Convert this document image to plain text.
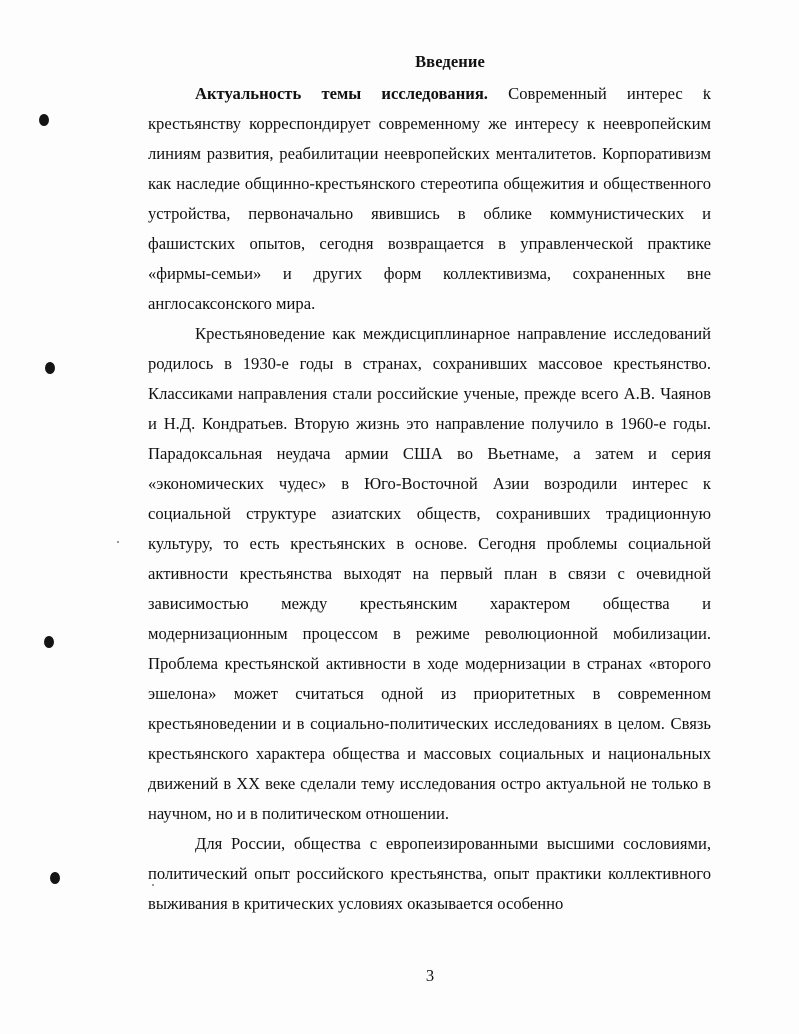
Введение

Актуальность темы исследования. Современный интерес к крестьянству корреспондирует современному же интересу к неевропейским линиям развития, реабилитации неевропейских менталитетов. Корпоративизм как наследие общинно-крестьянского стереотипа общежития и общественного устройства, первоначально явившись в облике коммунистических и фашистских опытов, сегодня возвращается в управленческой практике «фирмы-семьи» и других форм коллективизма, сохраненных вне англосаксонского мира.

Крестьяноведение как междисциплинарное направление исследований родилось в 1930-е годы в странах, сохранивших массовое крестьянство. Классиками направления стали российские ученые, прежде всего А.В. Чаянов и Н.Д. Кондратьев. Вторую жизнь это направление получило в 1960-е годы. Парадоксальная неудача армии США во Вьетнаме, а затем и серия «экономических чудес» в Юго-Восточной Азии возродили интерес к социальной структуре азиатских обществ, сохранивших традиционную культуру, то есть крестьянских в основе. Сегодня проблемы социальной активности крестьянства выходят на первый план в связи с очевидной зависимостью между крестьянским характером общества и модернизационным процессом в режиме революционной мобилизации. Проблема крестьянской активности в ходе модернизации в странах «второго эшелона» может считаться одной из приоритетных в современном крестьяноведении и в социально-политических исследованиях в целом. Связь крестьянского характера общества и массовых социальных и национальных движений в XX веке сделали тему исследования остро актуальной не только в научном, но и в политическом отношении.

Для России, общества с европеизированными высшими сословиями, политический опыт российского крестьянства, опыт практики коллективного выживания в критических условиях оказывается особенно

3
